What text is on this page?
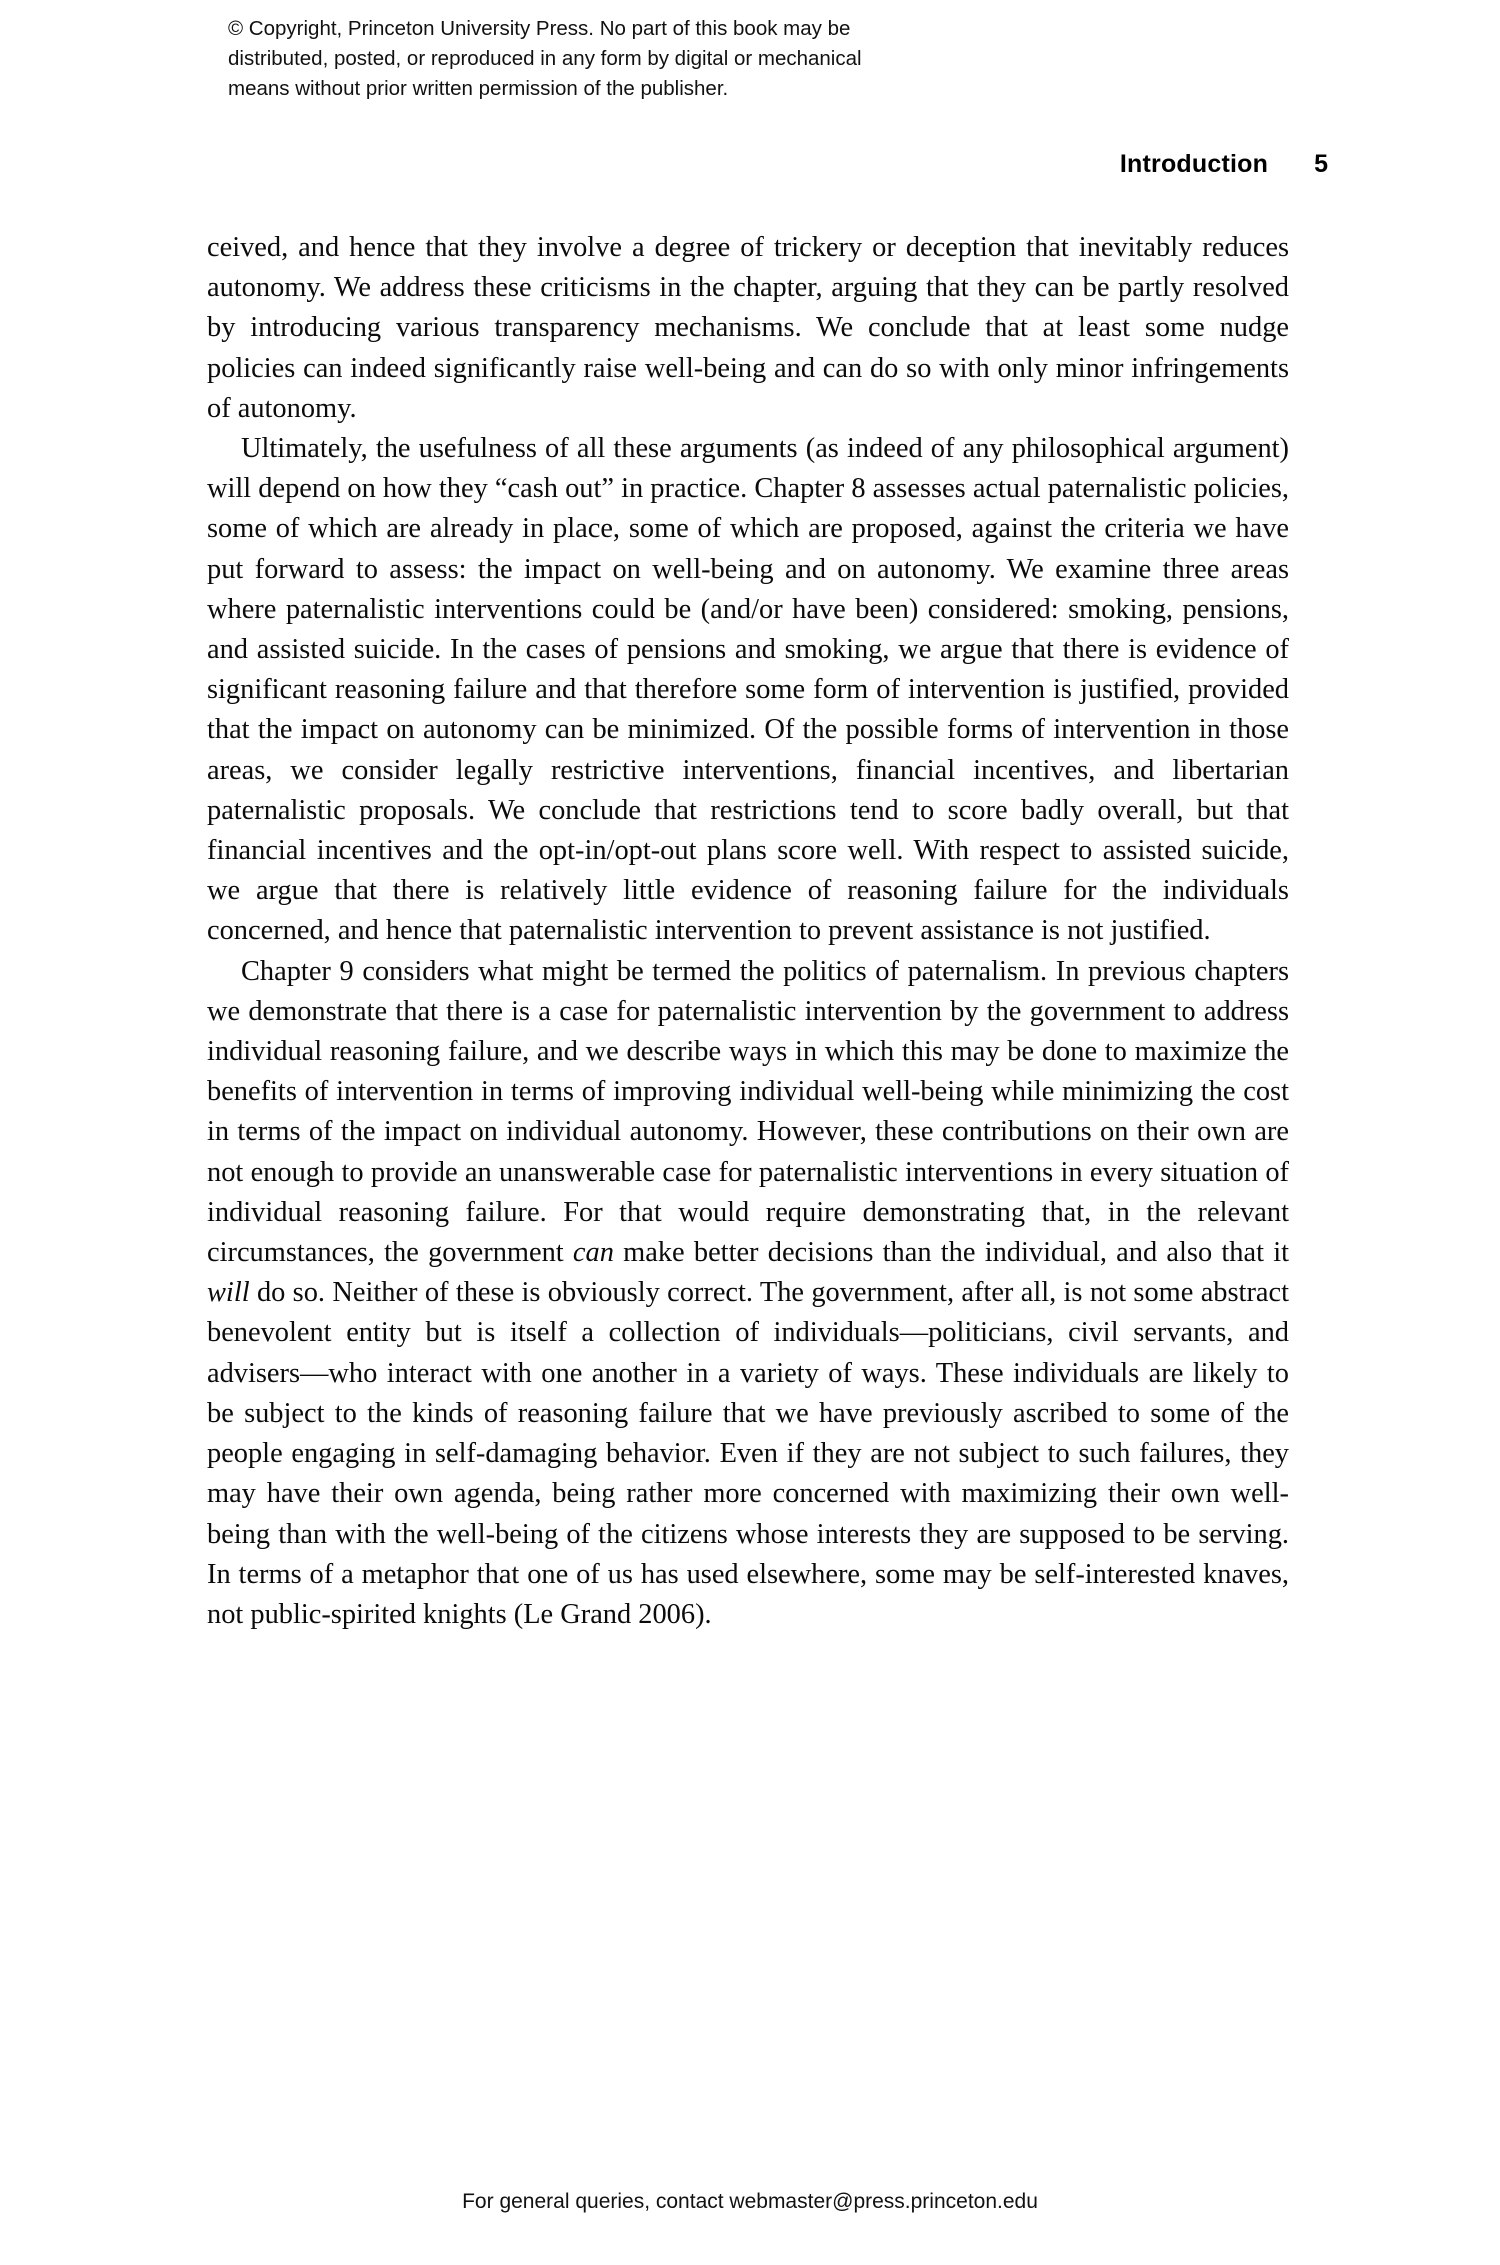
© Copyright, Princeton University Press. No part of this book may be
distributed, posted, or reproduced in any form by digital or mechanical
means without prior written permission of the publisher.
Introduction 5

ceived, and hence that they involve a degree of trickery or deception that inevitably reduces autonomy. We address these criticisms in the chapter, arguing that they can be partly resolved by introducing various transparency mechanisms. We conclude that at least some nudge policies can indeed significantly raise well-being and can do so with only minor infringements of autonomy.

Ultimately, the usefulness of all these arguments (as indeed of any philosophical argument) will depend on how they “cash out” in practice. Chapter 8 assesses actual paternalistic policies, some of which are already in place, some of which are proposed, against the criteria we have put forward to assess: the impact on well-being and on autonomy. We examine three areas where paternalistic interventions could be (and/or have been) considered: smoking, pensions, and assisted suicide. In the cases of pensions and smoking, we argue that there is evidence of significant reasoning failure and that therefore some form of intervention is justified, provided that the impact on autonomy can be minimized. Of the possible forms of intervention in those areas, we consider legally restrictive interventions, financial incentives, and libertarian paternalistic proposals. We conclude that restrictions tend to score badly overall, but that financial incentives and the opt-in/opt-out plans score well. With respect to assisted suicide, we argue that there is relatively little evidence of reasoning failure for the individuals concerned, and hence that paternalistic intervention to prevent assistance is not justified.

Chapter 9 considers what might be termed the politics of paternalism. In previous chapters we demonstrate that there is a case for paternalistic intervention by the government to address individual reasoning failure, and we describe ways in which this may be done to maximize the benefits of intervention in terms of improving individual well-being while minimizing the cost in terms of the impact on individual autonomy. However, these contributions on their own are not enough to provide an unanswerable case for paternalistic interventions in every situation of individual reasoning failure. For that would require demonstrating that, in the relevant circumstances, the government can make better decisions than the individual, and also that it will do so. Neither of these is obviously correct. The government, after all, is not some abstract benevolent entity but is itself a collection of individuals—politicians, civil servants, and advisers—who interact with one another in a variety of ways. These individuals are likely to be subject to the kinds of reasoning failure that we have previously ascribed to some of the people engaging in self-damaging behavior. Even if they are not subject to such failures, they may have their own agenda, being rather more concerned with maximizing their own well-being than with the well-being of the citizens whose interests they are supposed to be serving. In terms of a metaphor that one of us has used elsewhere, some may be self-interested knaves, not public-spirited knights (Le Grand 2006).

For general queries, contact webmaster@press.princeton.edu
